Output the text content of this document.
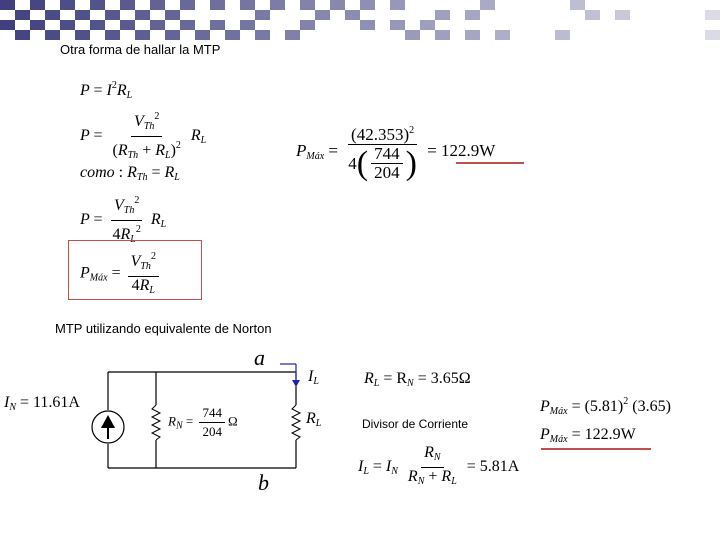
Otra forma de hallar la MTP
MTP utilizando equivalente de Norton
$P = I^2R_L$
$P = \frac{V_{Th}^2}{(R_{Th} + R_L)^2} R_L$
como : $R_{Th} = R_L$
$P = \frac{V_{Th}^2}{4R_L^2} R_L$
$P_{Máx} = \frac{V_{Th}^2}{4R_L}$
$P_{Máx} = \frac{(42.353)^2}{4 ( \frac{744}{204} )} = 122.9W$
a
b
$I_L$
$R_L$
$I_N = 11.61A$
$R_N = \frac{744}{204}$ Ω
$R_L = R_N = 3.65\Omega$
Divisor de Corriente
$I_L = I_N \frac{R_N}{R_N + R_L} = 5.81A$
$P_{Máx} = (5.81)^2$ (3.65)
$P_{Máx} = 122.9W$
